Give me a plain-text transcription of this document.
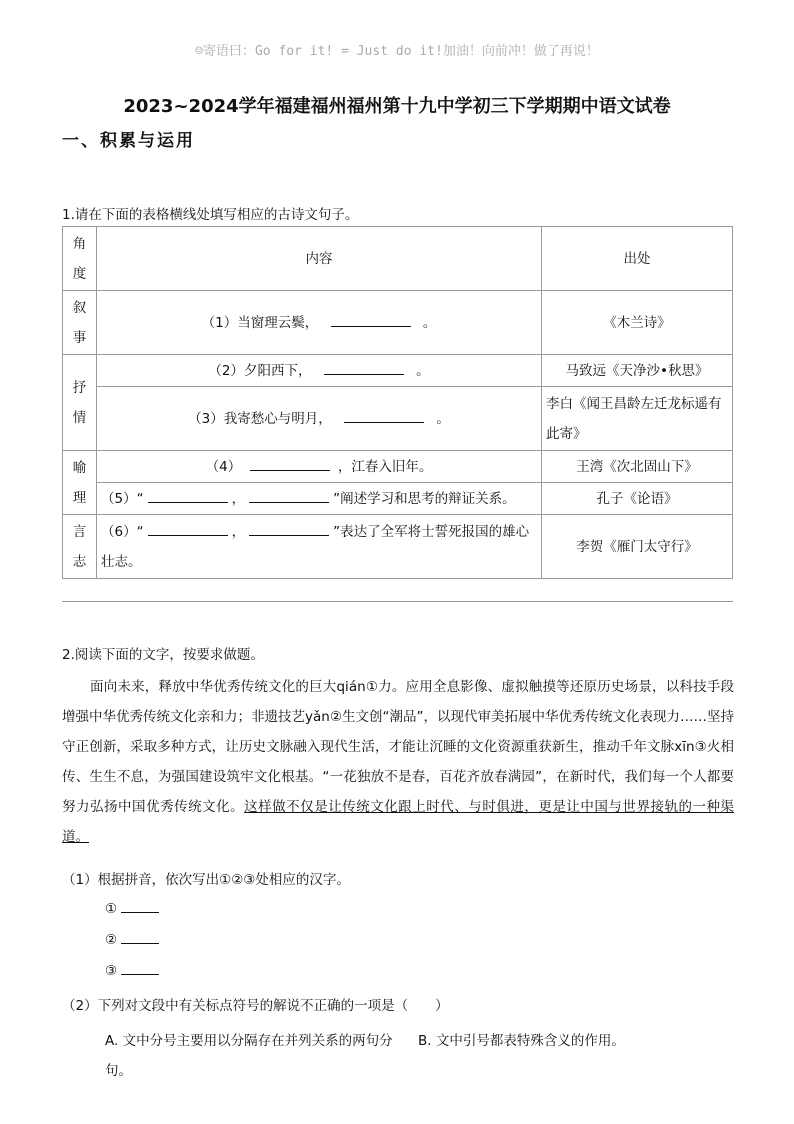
☺寄语曰：Go for it! = Just do it!加油！向前冲！做了再说！
2023~2024学年福建福州福州第十九中学初三下学期期中语文试卷
一、积累与运用
1.请在下面的表格横线处填写相应的古诗文句子。
角度	内容	出处
叙事	（1）当窗理云鬓， 。	《木兰诗》
抒情	（2）夕阳西下， 。	马致远《天净沙•秋思》
	（3）我寄愁心与明月， 。	李白《闻王昌龄左迁龙标遥有此寄》
喻理	（4） ，江春入旧年。	王湾《次北固山下》
	（5）“ ， ”阐述学习和思考的辩证关系。	孔子《论语》
言志	（6）“ ， ”表达了全军将士誓死报国的雄心壮志。	李贺《雁门太守行》
2.阅读下面的文字，按要求做题。
面向未来，释放中华优秀传统文化的巨大qián①力。应用全息影像、虚拟触摸等还原历史场景，以科技手段增强中华优秀传统文化亲和力；非遗技艺yǎn②生文创“潮品”，以现代审美拓展中华优秀传统文化表现力……坚持守正创新，采取多种方式，让历史文脉融入现代生活，才能让沉睡的文化资源重获新生，推动千年文脉xīn③火相传、生生不息，为强国建设筑牢文化根基。“一花独放不是春，百花齐放春满园”，在新时代，我们每一个人都要努力弘扬中国优秀传统文化。这样做不仅是让传统文化跟上时代、与时俱进，更是让中国与世界接轨的一种渠道。
（1）根据拼音，依次写出①②③处相应的汉字。
①
②
③
（2）下列对文段中有关标点符号的解说不正确的一项是（　　）
A. 文中分号主要用以分隔存在并列关系的两句分句。
B. 文中引号都表特殊含义的作用。
